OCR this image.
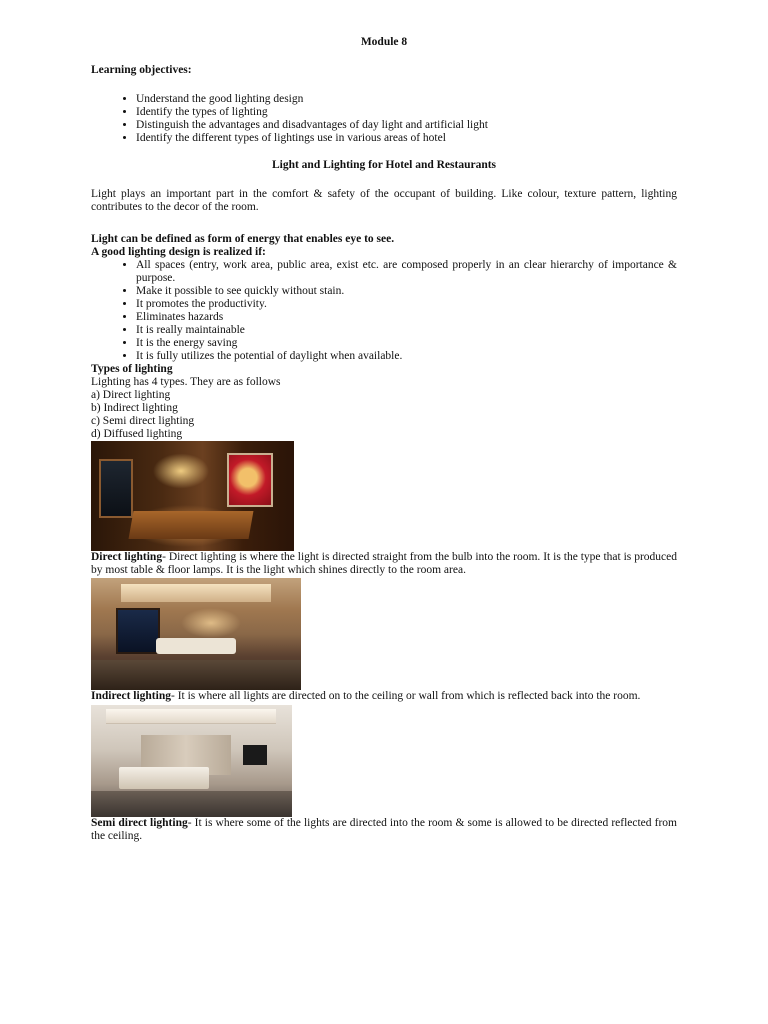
Module 8
Learning objectives:
• Understand the good lighting design
• Identify the types of lighting
• Distinguish the advantages and disadvantages of day light and artificial light
• Identify the different types of lightings use in various areas of hotel
Light and Lighting for Hotel and Restaurants

Light plays an important part in the comfort & safety of the occupant of building. Like colour, texture pattern, lighting contributes to the decor of the room.

Light can be defined as form of energy that enables eye to see.
A good lighting design is realized if:
• All spaces (entry, work area, public area, exist etc. are composed properly in an clear hierarchy of importance & purpose.
• Make it possible to see quickly without stain.
• It promotes the productivity.
• Eliminates hazards
• It is really maintainable
• It is the energy saving
• It is fully utilizes the potential of daylight when available.
Types of lighting
Lighting has 4 types. They are as follows
a) Direct lighting
b) Indirect lighting
c) Semi direct lighting
d) Diffused lighting

Direct lighting- Direct lighting is where the light is directed straight from the bulb into the room. It is the type that is produced by most table & floor lamps. It is the light which shines directly to the room area.

Indirect lighting- It is where all lights are directed on to the ceiling or wall from which is reflected back into the room.

Semi direct lighting- It is where some of the lights are directed into the room & some is allowed to be directed reflected from the ceiling.
